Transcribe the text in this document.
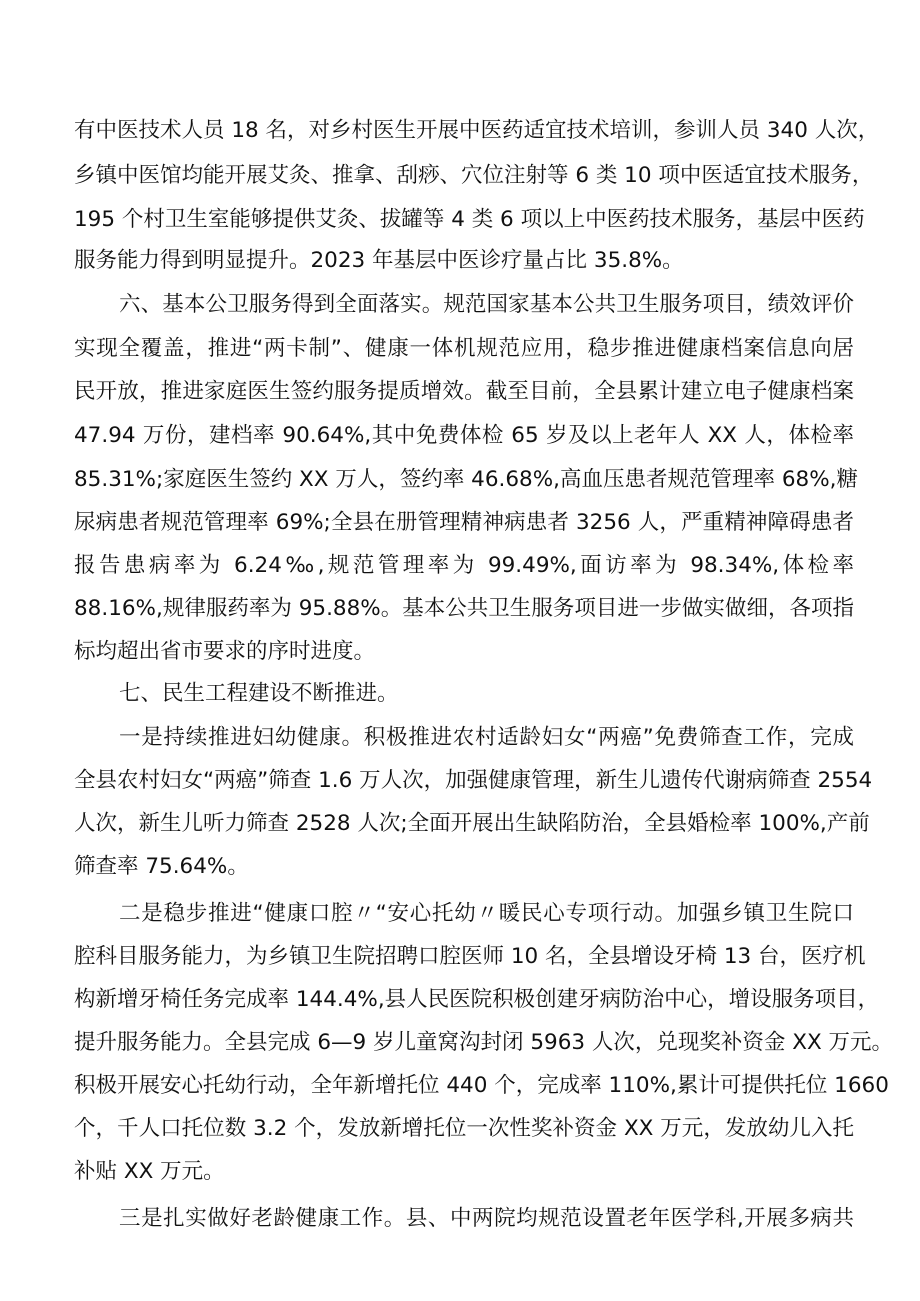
有中医技术人员 18 名，对乡村医生开展中医药适宜技术培训，参训人员 340 人次，
乡镇中医馆均能开展艾灸、推拿、刮痧、穴位注射等 6 类 10 项中医适宜技术服务，
195 个村卫生室能够提供艾灸、拔罐等 4 类 6 项以上中医药技术服务，基层中医药
服务能力得到明显提升。2023 年基层中医诊疗量占比 35.8%。
六、基本公卫服务得到全面落实。规范国家基本公共卫生服务项目，绩效评价
实现全覆盖，推进“两卡制”、健康一体机规范应用，稳步推进健康档案信息向居
民开放，推进家庭医生签约服务提质增效。截至目前，全县累计建立电子健康档案
47.94 万份，建档率 90.64%,其中免费体检 65 岁及以上老年人 XX 人，体检率
85.31%;家庭医生签约 XX 万人，签约率 46.68%,高血压患者规范管理率 68%,糖
尿病患者规范管理率 69%;全县在册管理精神病患者 3256 人，严重精神障碍患者
报告患病率为 6.24‰,规范管理率为 99.49%,面访率为 98.34%,体检率
88.16%,规律服药率为 95.88%。基本公共卫生服务项目进一步做实做细，各项指
标均超出省市要求的序时进度。
七、民生工程建设不断推进。
一是持续推进妇幼健康。积极推进农村适龄妇女“两癌”免费筛查工作，完成
全县农村妇女“两癌”筛查 1.6 万人次，加强健康管理，新生儿遗传代谢病筛查 2554
人次，新生儿听力筛查 2528 人次;全面开展出生缺陷防治，全县婚检率 100%,产前
筛查率 75.64%。
二是稳步推进“健康口腔〃“安心托幼〃暖民心专项行动。加强乡镇卫生院口
腔科目服务能力，为乡镇卫生院招聘口腔医师 10 名，全县增设牙椅 13 台，医疗机
构新增牙椅任务完成率 144.4%,县人民医院积极创建牙病防治中心，增设服务项目，
提升服务能力。全县完成 6—9 岁儿童窝沟封闭 5963 人次，兑现奖补资金 XX 万元。
积极开展安心托幼行动，全年新增托位 440 个，完成率 110%,累计可提供托位 1660
个，千人口托位数 3.2 个，发放新增托位一次性奖补资金 XX 万元，发放幼儿入托
补贴 XX 万元。
三是扎实做好老龄健康工作。县、中两院均规范设置老年医学科,开展多病共
